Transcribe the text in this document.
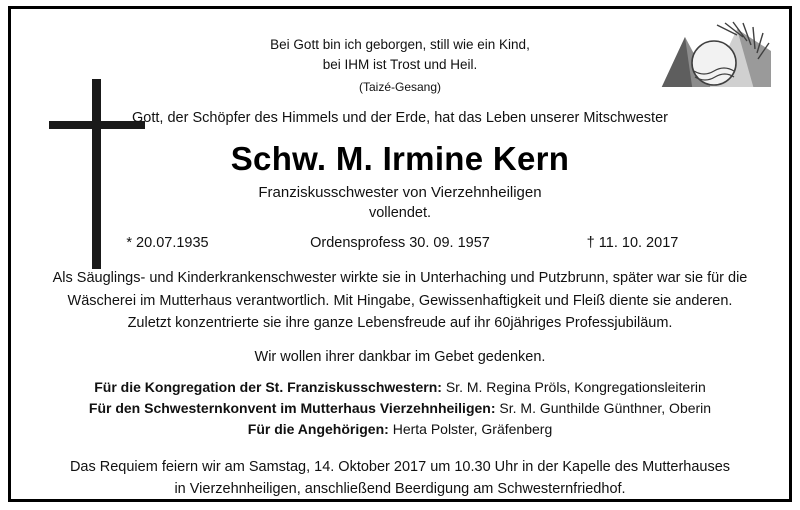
Bei Gott bin ich geborgen, still wie ein Kind,
bei IHM ist Trost und Heil.
(Taizé-Gesang)
Gott, der Schöpfer des Himmels und der Erde, hat das Leben unserer Mitschwester
Schw. M. Irmine Kern
Franziskusschwester von Vierzehnheiligen
vollendet.
* 20.07.1935	Ordensprofess 30. 09. 1957	† 11. 10. 2017
Als Säuglings- und Kinderkrankenschwester wirkte sie in Unterhaching und Putzbrunn, später war sie für die Wäscherei im Mutterhaus verantwortlich. Mit Hingabe, Gewissenhaftigkeit und Fleiß diente sie anderen. Zuletzt konzentrierte sie ihre ganze Lebensfreude auf ihr 60jähriges Professjubiläum.
Wir wollen ihrer dankbar im Gebet gedenken.
Für die Kongregation der St. Franziskusschwestern: Sr. M. Regina Pröls, Kongregationsleiterin
Für den Schwesternkonvent im Mutterhaus Vierzehnheiligen: Sr. M. Gunthilde Günthner, Oberin
Für die Angehörigen: Herta Polster, Gräfenberg
Das Requiem feiern wir am Samstag, 14. Oktober 2017 um 10.30 Uhr in der Kapelle des Mutterhauses
in Vierzehnheiligen, anschließend Beerdigung am Schwesternfriedhof.
